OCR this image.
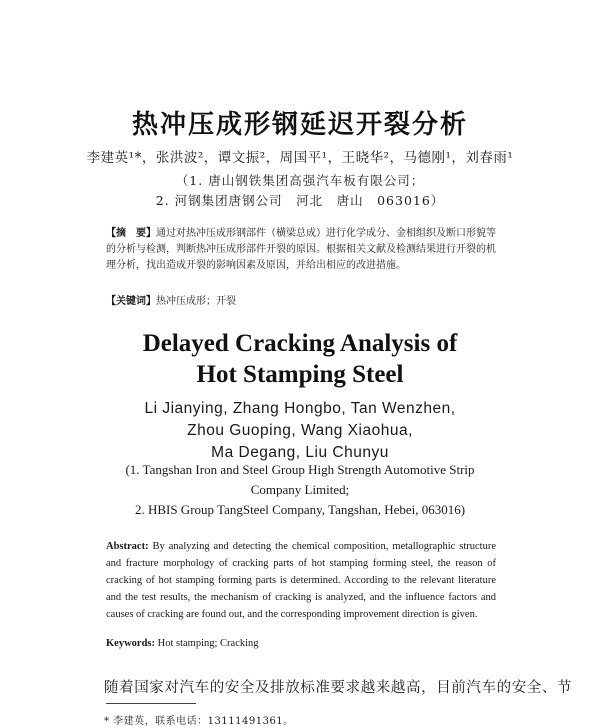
热冲压成形钢延迟开裂分析
李建英¹*，张洪波²，谭文振²，周国平¹，王晓华²，马德刚¹，刘春雨¹
（1. 唐山钢铁集团高强汽车板有限公司；
2. 河钢集团唐钢公司　河北　唐山　063016）
【摘　要】通过对热冲压成形钢部件（横梁总成）进行化学成分、金相组织及断口形貌等的分析与检测，判断热冲压成形部件开裂的原因。根据相关文献及检测结果进行开裂的机理分析，找出造成开裂的影响因素及原因，并给出相应的改进措施。
【关键词】热冲压成形；开裂
Delayed Cracking Analysis of
Hot Stamping Steel
Li Jianying, Zhang Hongbo, Tan Wenzhen,
Zhou Guoping, Wang Xiaohua,
Ma Degang, Liu Chunyu
(1. Tangshan Iron and Steel Group High Strength Automotive Strip
Company Limited;
2. HBIS Group TangSteel Company, Tangshan, Hebei, 063016)
Abstract: By analyzing and detecting the chemical composition, metallographic structure and fracture morphology of cracking parts of hot stamping forming steel, the reason of cracking of hot stamping forming parts is determined. According to the relevant literature and the test results, the mechanism of cracking is analyzed, and the influence factors and causes of cracking are found out, and the corresponding improvement direction is given.
Keywords: Hot stamping; Cracking
随着国家对汽车的安全及排放标准要求越来越高，目前汽车的安全、节
* 李建英，联系电话：13111491361。
